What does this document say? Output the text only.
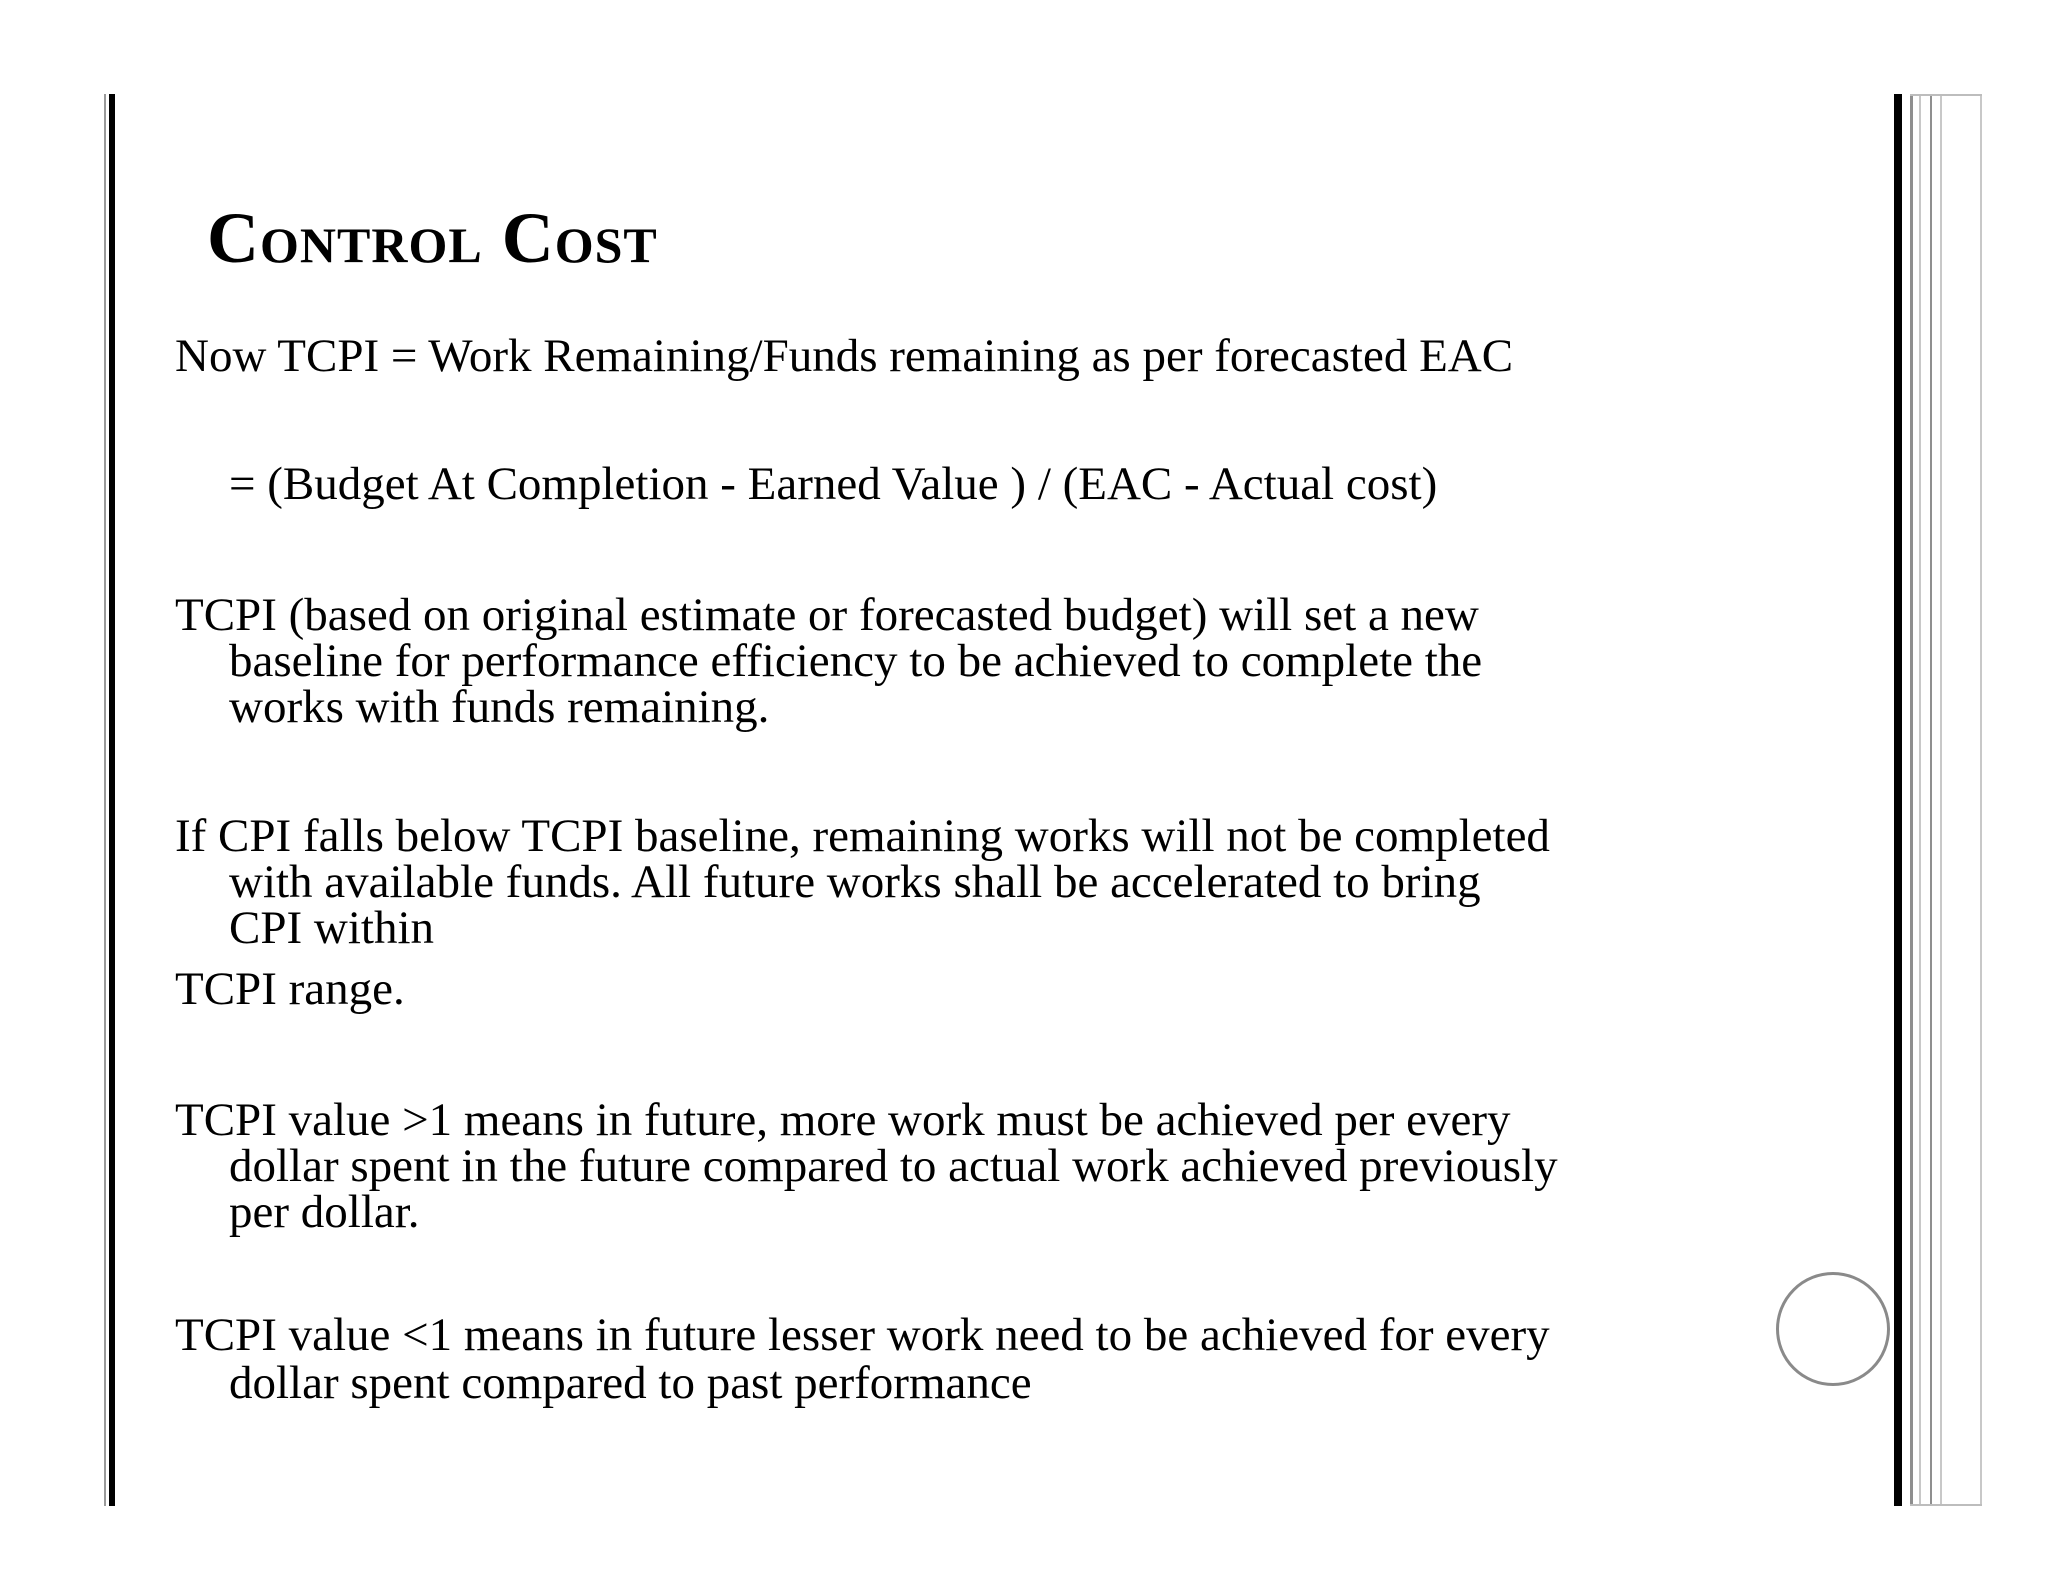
Control Cost
Now TCPI = Work Remaining/Funds remaining as per forecasted EAC
= (Budget At Completion - Earned Value ) / (EAC - Actual cost)
TCPI (based on original estimate or forecasted budget) will set a new
baseline for performance efficiency to be achieved to complete the
works with funds remaining.
If CPI falls below TCPI baseline, remaining works will not be completed
with available funds. All future works shall be accelerated to bring
CPI within
TCPI range.
TCPI value >1 means in future, more work must be achieved per every
dollar spent in the future compared to actual work achieved previously
per dollar.
TCPI value <1 means in future lesser work need to be achieved for every
dollar spent compared to past performance
